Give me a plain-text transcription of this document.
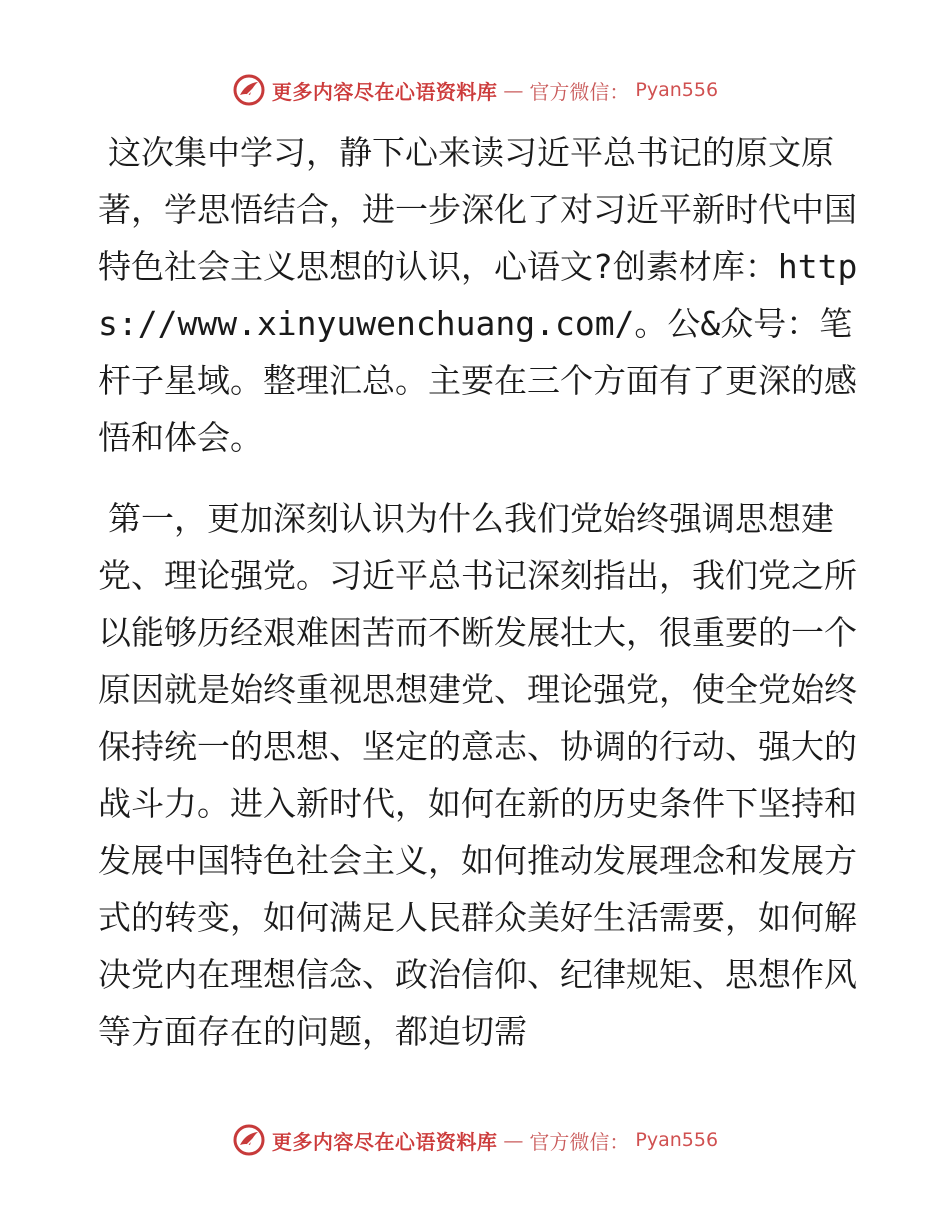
更多内容尽在心语资料库 — 官方微信： Pyan556

这次集中学习，静下心来读习近平总书记的原文原著，学思悟结合，进一步深化了对习近平新时代中国特色社会主义思想的认识，心语文?创素材库：https://www.xinyuwenchuang.com/。公&众号：笔杆子星域。整理汇总。主要在三个方面有了更深的感悟和体会。

第一，更加深刻认识为什么我们党始终强调思想建党、理论强党。习近平总书记深刻指出，我们党之所以能够历经艰难困苦而不断发展壮大，很重要的一个原因就是始终重视思想建党、理论强党，使全党始终保持统一的思想、坚定的意志、协调的行动、强大的战斗力。进入新时代，如何在新的历史条件下坚持和发展中国特色社会主义，如何推动发展理念和发展方式的转变，如何满足人民群众美好生活需要，如何解决党内在理想信念、政治信仰、纪律规矩、思想作风等方面存在的问题，都迫切需

更多内容尽在心语资料库 — 官方微信： Pyan556
